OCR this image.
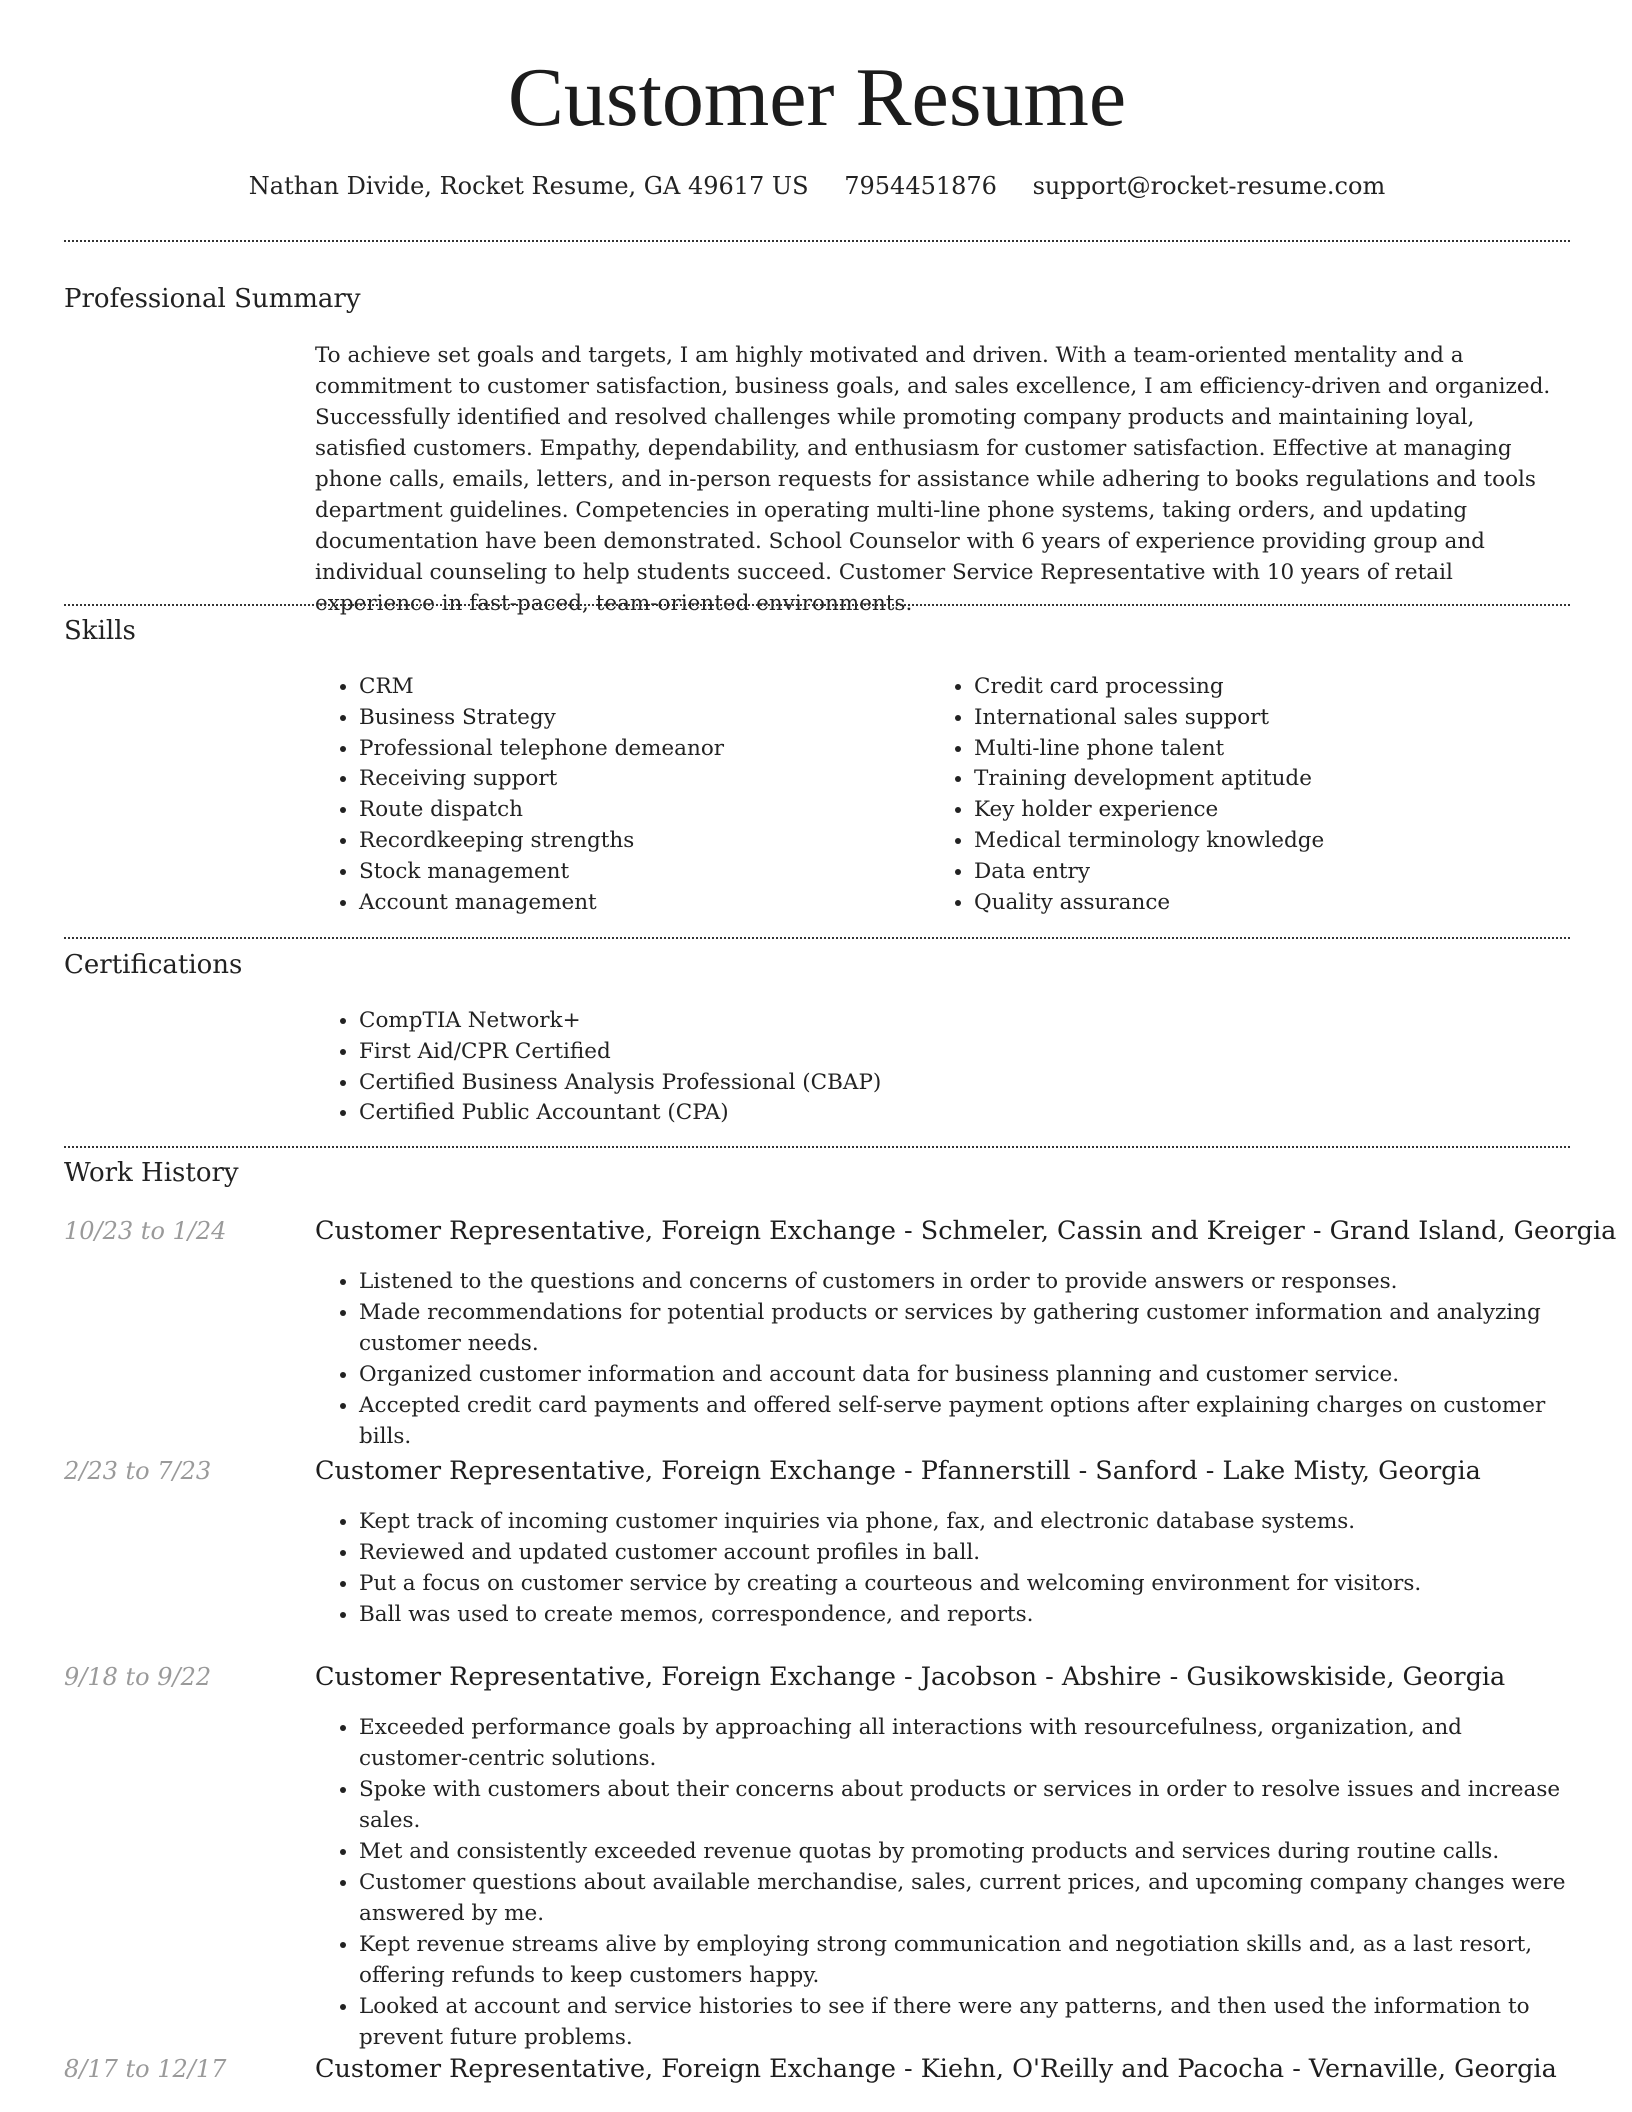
Customer Resume
Nathan Divide, Rocket Resume, GA 49617 US 7954451876 support@rocket-resume.com
Professional Summary

To achieve set goals and targets, I am highly motivated and driven. With a team-oriented mentality and a commitment to customer satisfaction, business goals, and sales excellence, I am efficiency-driven and organized. Successfully identified and resolved challenges while promoting company products and maintaining loyal, satisfied customers. Empathy, dependability, and enthusiasm for customer satisfaction. Effective at managing phone calls, emails, letters, and in-person requests for assistance while adhering to books regulations and tools department guidelines. Competencies in operating multi-line phone systems, taking orders, and updating documentation have been demonstrated. School Counselor with 6 years of experience providing group and individual counseling to help students succeed. Customer Service Representative with 10 years of retail experience in fast-paced, team-oriented environments.

Skills
• CRM
• Business Strategy
• Professional telephone demeanor
• Receiving support
• Route dispatch
• Recordkeeping strengths
• Stock management
• Account management
• Credit card processing
• International sales support
• Multi-line phone talent
• Training development aptitude
• Key holder experience
• Medical terminology knowledge
• Data entry
• Quality assurance
Certifications
• CompTIA Network+
• First Aid/CPR Certified
• Certified Business Analysis Professional (CBAP)
• Certified Public Accountant (CPA)
Work History
10/23 to 1/24	Customer Representative, Foreign Exchange - Schmeler, Cassin and Kreiger - Grand Island, Georgia
• Listened to the questions and concerns of customers in order to provide answers or responses.
• Made recommendations for potential products or services by gathering customer information and analyzing customer needs.
• Organized customer information and account data for business planning and customer service.
• Accepted credit card payments and offered self-serve payment options after explaining charges on customer bills.
2/23 to 7/23	Customer Representative, Foreign Exchange - Pfannerstill - Sanford - Lake Misty, Georgia
• Kept track of incoming customer inquiries via phone, fax, and electronic database systems.
• Reviewed and updated customer account profiles in ball.
• Put a focus on customer service by creating a courteous and welcoming environment for visitors.
• Ball was used to create memos, correspondence, and reports.
9/18 to 9/22	Customer Representative, Foreign Exchange - Jacobson - Abshire - Gusikowskiside, Georgia
• Exceeded performance goals by approaching all interactions with resourcefulness, organization, and customer-centric solutions.
• Spoke with customers about their concerns about products or services in order to resolve issues and increase sales.
• Met and consistently exceeded revenue quotas by promoting products and services during routine calls.
• Customer questions about available merchandise, sales, current prices, and upcoming company changes were answered by me.
• Kept revenue streams alive by employing strong communication and negotiation skills and, as a last resort, offering refunds to keep customers happy.
• Looked at account and service histories to see if there were any patterns, and then used the information to prevent future problems.
8/17 to 12/17	Customer Representative, Foreign Exchange - Kiehn, O'Reilly and Pacocha - Vernaville, Georgia
